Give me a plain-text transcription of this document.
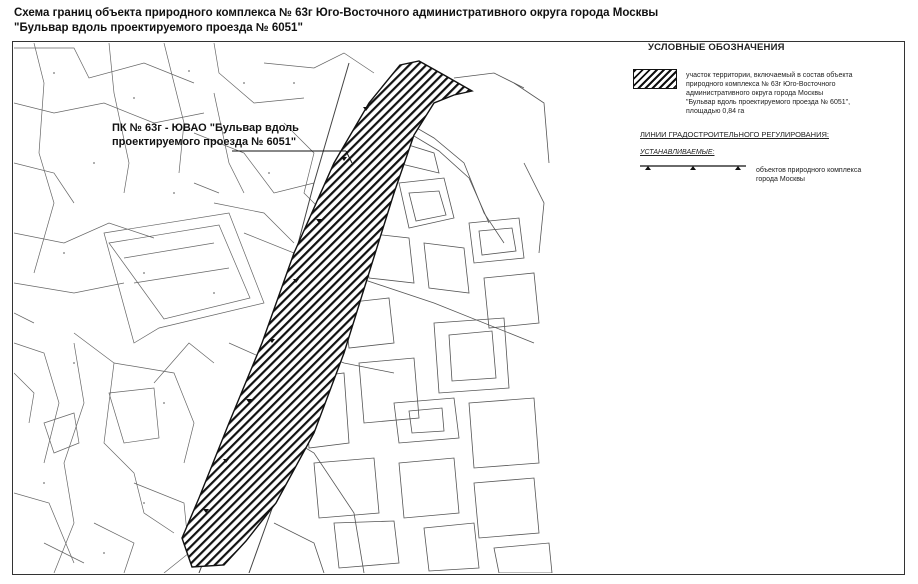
Схема границ объекта природного комплекса № 63г Юго-Восточного административного округа города Москвы
"Бульвар вдоль проектируемого проезда № 6051"
ПК № 63г - ЮВАО "Бульвар вдоль
проектируемого проезда № 6051"
УСЛОВНЫЕ ОБОЗНАЧЕНИЯ
участок территории, включаемый в состав объекта
природного комплекса № 63г Юго-Восточного
административного округа города Москвы
"Бульвар вдоль проектируемого проезда № 6051",
площадью 0,84 га
ЛИНИИ ГРАДОСТРОИТЕЛЬНОГО РЕГУЛИРОВАНИЯ:
УСТАНАВЛИВАЕМЫЕ:
объектов природного комплекса
города Москвы
